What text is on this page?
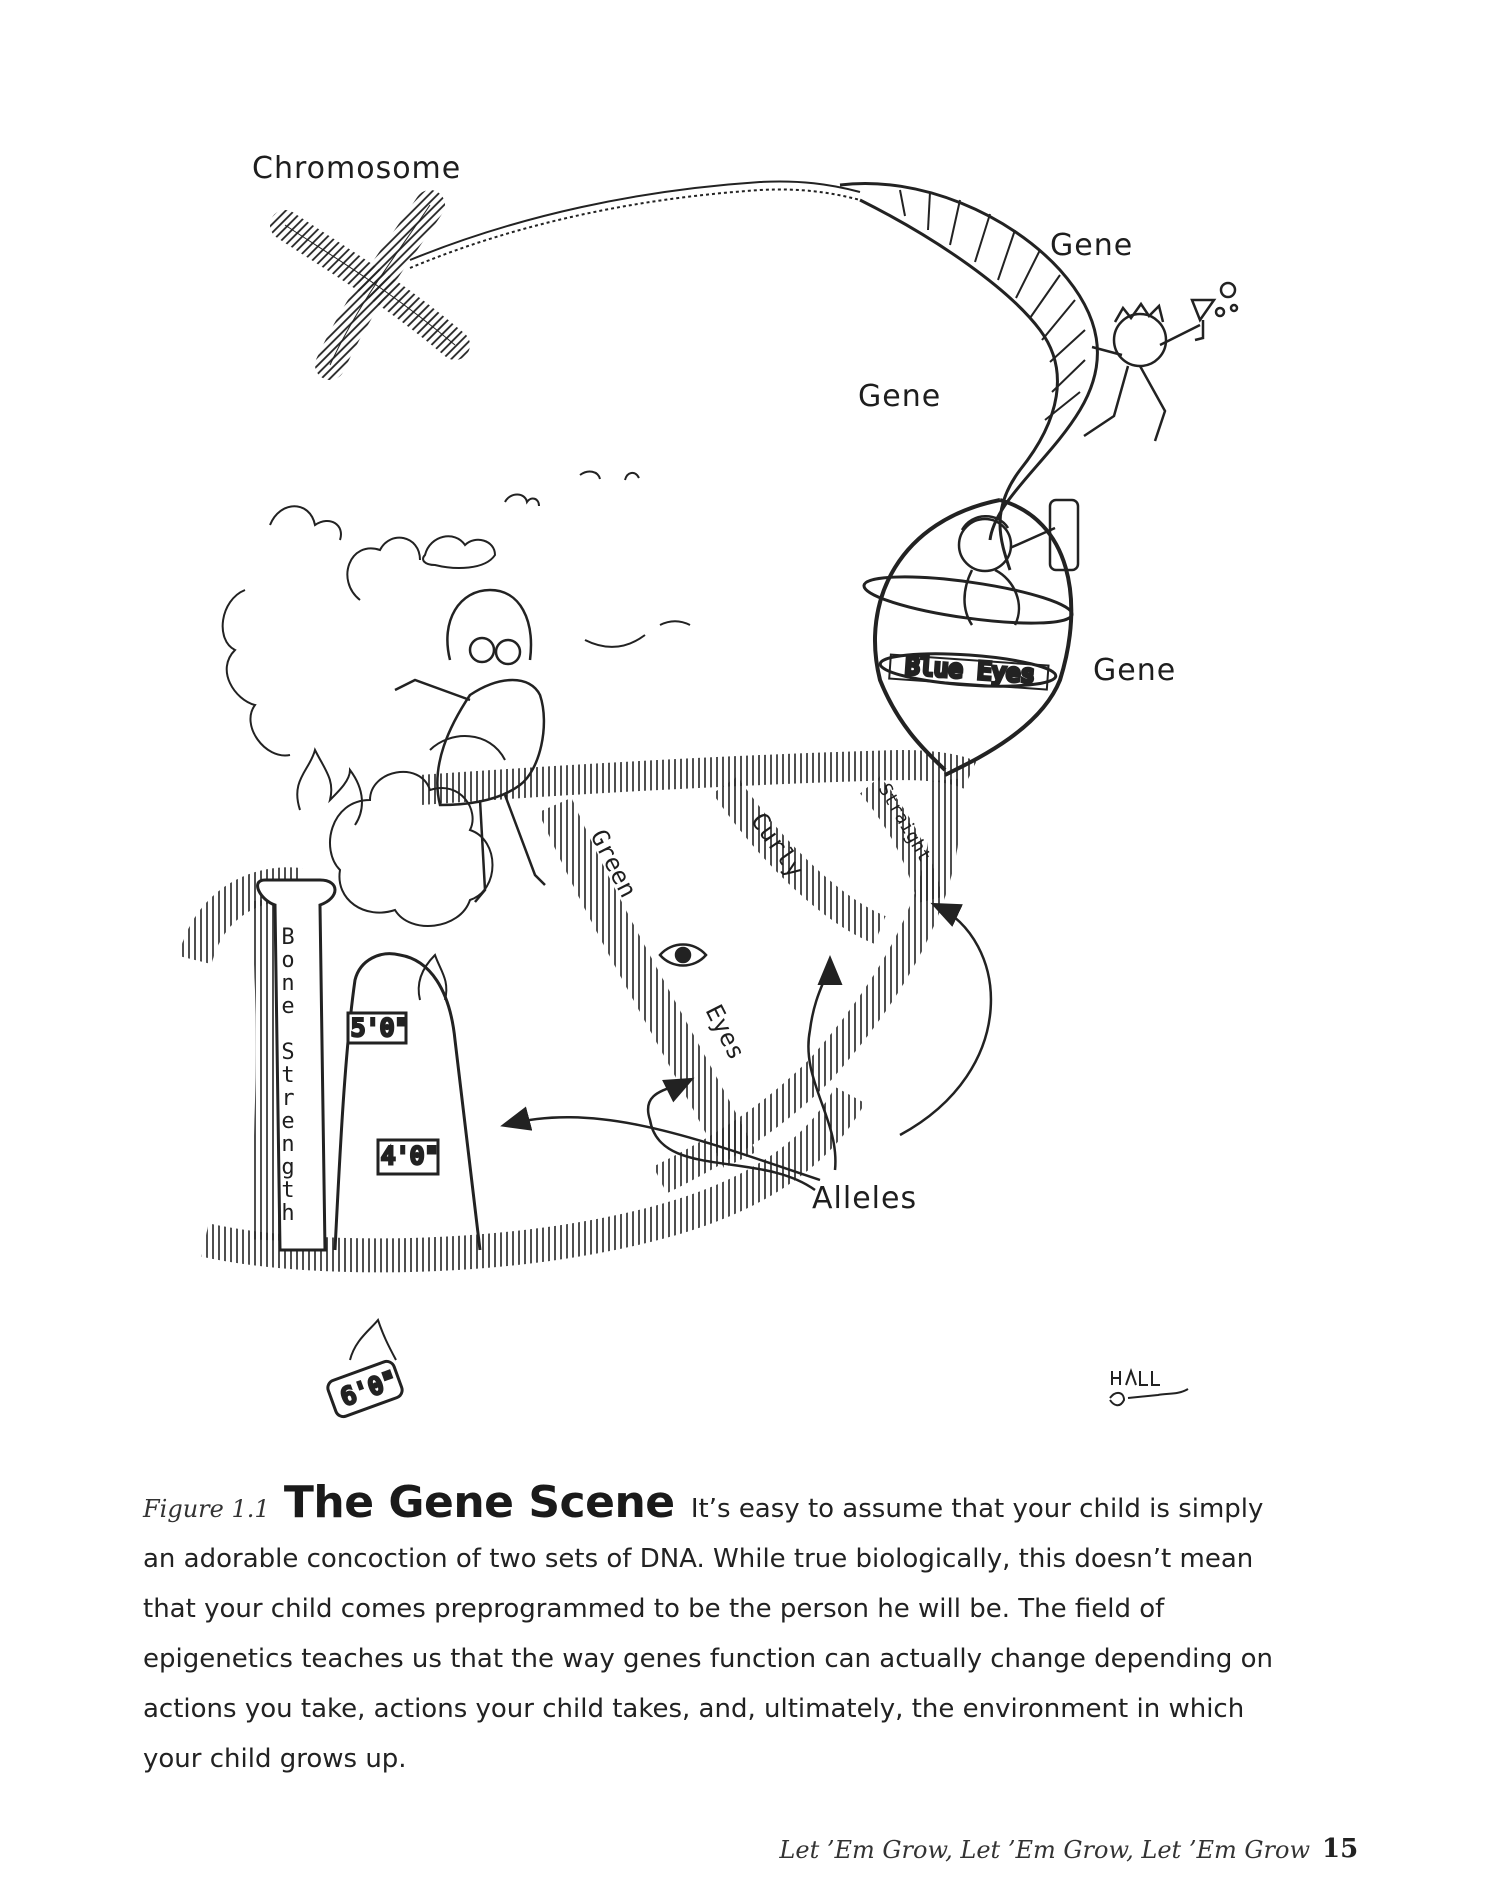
Blue Eyes
Bone Strength 5'0"
4'0"
6'0"
Green
Eyes
Curly	Straight
Chromosome
Gene
Gene
Gene
Alleles
Figure 1.1 The Gene Scene It’s easy to assume that your child is simply an adorable concoction of two sets of DNA. While true biologically, this doesn’t mean that your child comes preprogrammed to be the person he will be. The field of epigenetics teaches us that the way genes function can actually change depending on actions you take, actions your child takes, and, ultimately, the environment in which your child grows up.
Let ’Em Grow, Let ’Em Grow, Let ’Em Grow 15
